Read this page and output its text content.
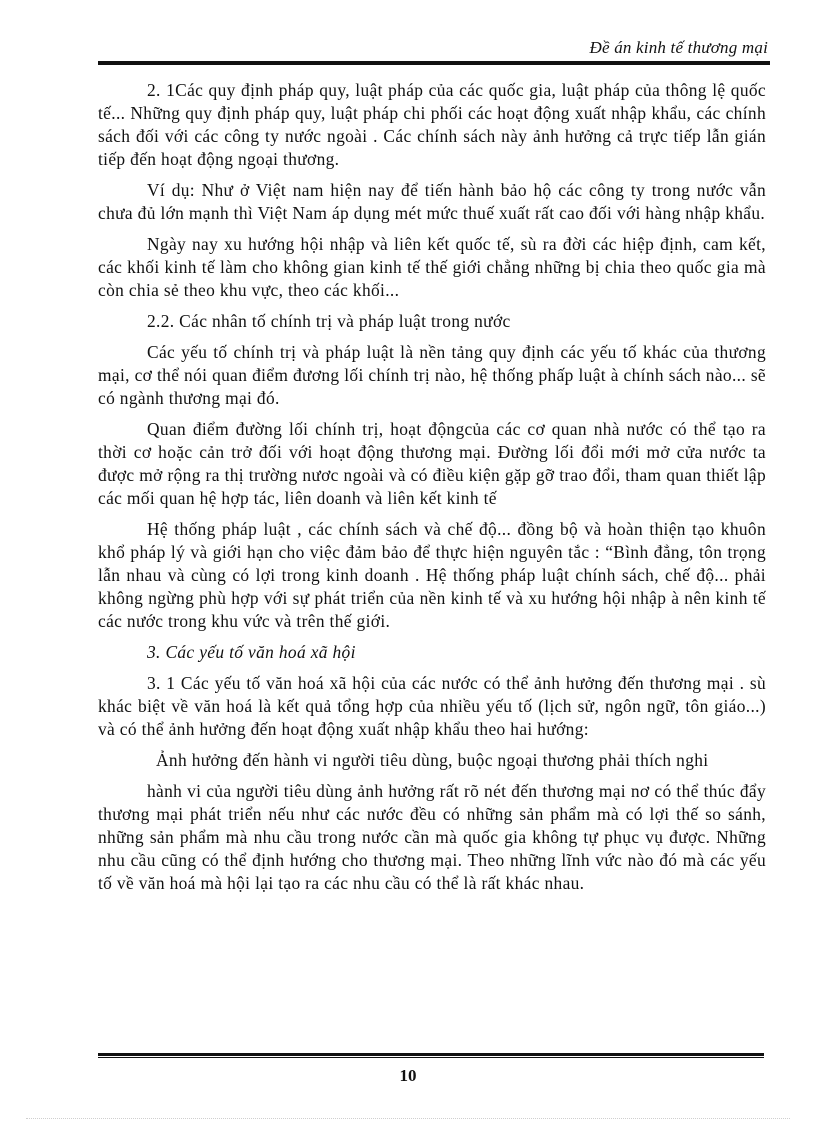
Đề án kinh tế thương mại

2. 1Các quy định pháp quy, luật pháp của các quốc gia, luật pháp của thông lệ quốc tế... Những quy định pháp quy, luật pháp chi phối các hoạt động xuất nhập khẩu, các chính sách đối với các công ty nước ngoài . Các chính sách này ảnh hưởng cả trực tiếp lẫn gián tiếp đến hoạt động ngoại thương.

Ví dụ: Như ở Việt nam hiện nay để tiến hành bảo hộ các công ty trong nước vẫn chưa đủ lớn mạnh thì Việt Nam áp dụng mét mức thuế xuất rất cao đối với hàng nhập khẩu.

Ngày nay xu hướng hội nhập và liên kết quốc tế, sù ra đời các hiệp định, cam kết, các khối kinh tế làm cho không gian kinh tế thế giới chẳng những bị chia theo quốc gia mà còn chia sẻ theo khu vực, theo các khối...

2.2. Các nhân tố chính trị và pháp luật trong nước

Các yếu tố chính trị và pháp luật là nền tảng quy định các yếu tố khác của thương mại, cơ thể nói quan điểm đương lối chính trị nào, hệ thống phấp luật à chính sách nào... sẽ có ngành thương mại đó.

Quan điểm đường lối chính trị, hoạt độngcủa các cơ quan nhà nước có thể tạo ra thời cơ hoặc cản trở đối với hoạt động thương mại. Đường lối đổi mới mở cửa nước ta được mở rộng ra thị trường nươc ngoài và có điều kiện gặp gỡ trao đổi, tham quan thiết lập các mối quan hệ hợp tác, liên doanh và liên kết kinh tế

Hệ thống pháp luật , các chính sách và chế độ... đồng bộ và hoàn thiện tạo khuôn khổ pháp lý và giới hạn cho việc đảm bảo để thực hiện nguyên tắc : “Bình đẳng, tôn trọng lẫn nhau và cùng có lợi trong kinh doanh . Hệ thống pháp luật chính sách, chế độ... phải không ngừng phù hợp với sự phát triển của nền kinh tế và xu hướng hội nhập à nên kinh tế các nước trong khu vức và trên thế giới.

3. Các yếu tố văn hoá xã hội

3. 1 Các yếu tố văn hoá xã hội của các nước có thể ảnh hưởng đến thương mại . sù khác biệt về văn hoá là kết quả tổng hợp của nhiều yếu tố (lịch sử, ngôn ngữ, tôn giáo...) và có thể ảnh hưởng đến hoạt động xuất nhập khẩu theo hai hướng:

Ảnh hưởng đến hành vi người tiêu dùng, buộc ngoại thương phải thích nghi

hành vi của người tiêu dùng ảnh hưởng rất rõ nét đến thương mại nơ có thể thúc đẩy thương mại phát triển nếu như các nước đều có những sản phẩm mà có lợi thế so sánh, những sản phẩm mà nhu cầu trong nước cần mà quốc gia không tự phục vụ được. Những nhu cầu cũng có thể định hướng cho thương mại. Theo những lĩnh vức nào đó mà các yếu tố về văn hoá mà hội lại tạo ra các nhu cầu có thể là rất khác nhau.

10
